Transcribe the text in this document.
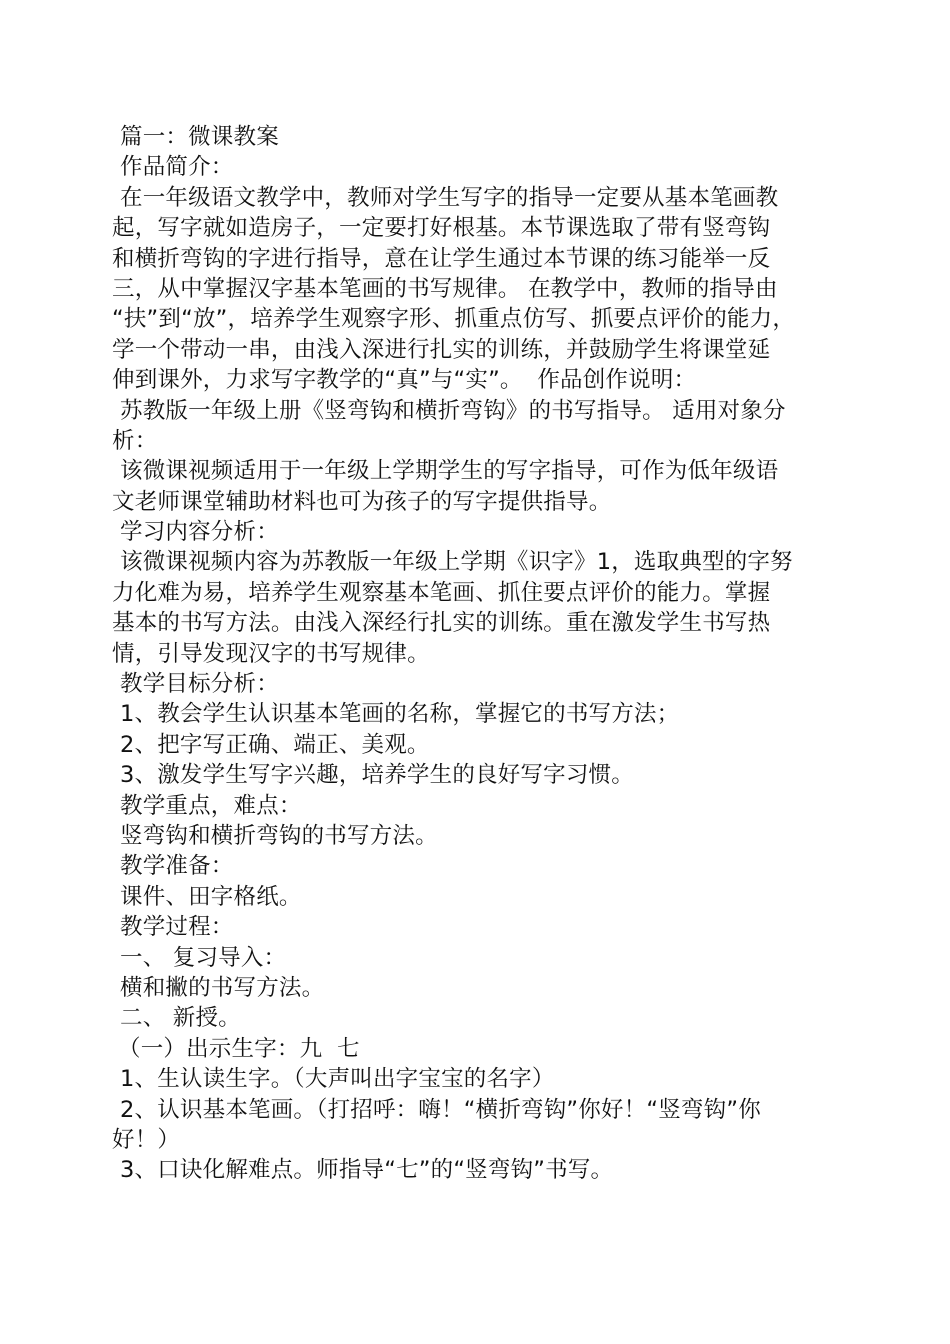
篇一：微课教案
作品简介：
在一年级语文教学中，教师对学生写字的指导一定要从基本笔画教
起，写字就如造房子，一定要打好根基。本节课选取了带有竖弯钩
和横折弯钩的字进行指导，意在让学生通过本节课的练习能举一反
三，从中掌握汉字基本笔画的书写规律。 在教学中，教师的指导由
“扶”到“放”，培养学生观察字形、抓重点仿写、抓要点评价的能力，
学一个带动一串，由浅入深进行扎实的训练，并鼓励学生将课堂延
伸到课外，力求写字教学的“真”与“实”。  作品创作说明：
苏教版一年级上册《竖弯钩和横折弯钩》的书写指导。 适用对象分
析：
该微课视频适用于一年级上学期学生的写字指导，可作为低年级语
文老师课堂辅助材料也可为孩子的写字提供指导。
学习内容分析：
该微课视频内容为苏教版一年级上学期《识字》1，选取典型的字努
力化难为易，培养学生观察基本笔画、抓住要点评价的能力。掌握
基本的书写方法。由浅入深经行扎实的训练。重在激发学生书写热
情，引导发现汉字的书写规律。
教学目标分析：
1、教会学生认识基本笔画的名称，掌握它的书写方法；
2、把字写正确、端正、美观。
3、激发学生写字兴趣，培养学生的良好写字习惯。
教学重点，难点：
竖弯钩和横折弯钩的书写方法。
教学准备：
课件、田字格纸。
教学过程：
一、 复习导入：
横和撇的书写方法。
二、 新授。
（一）出示生字：九  七
1、生认读生字。（大声叫出字宝宝的名字）
2、认识基本笔画。（打招呼：嗨！“横折弯钩”你好！“竖弯钩”你
好！）
3、口诀化解难点。师指导“七”的“竖弯钩”书写。
